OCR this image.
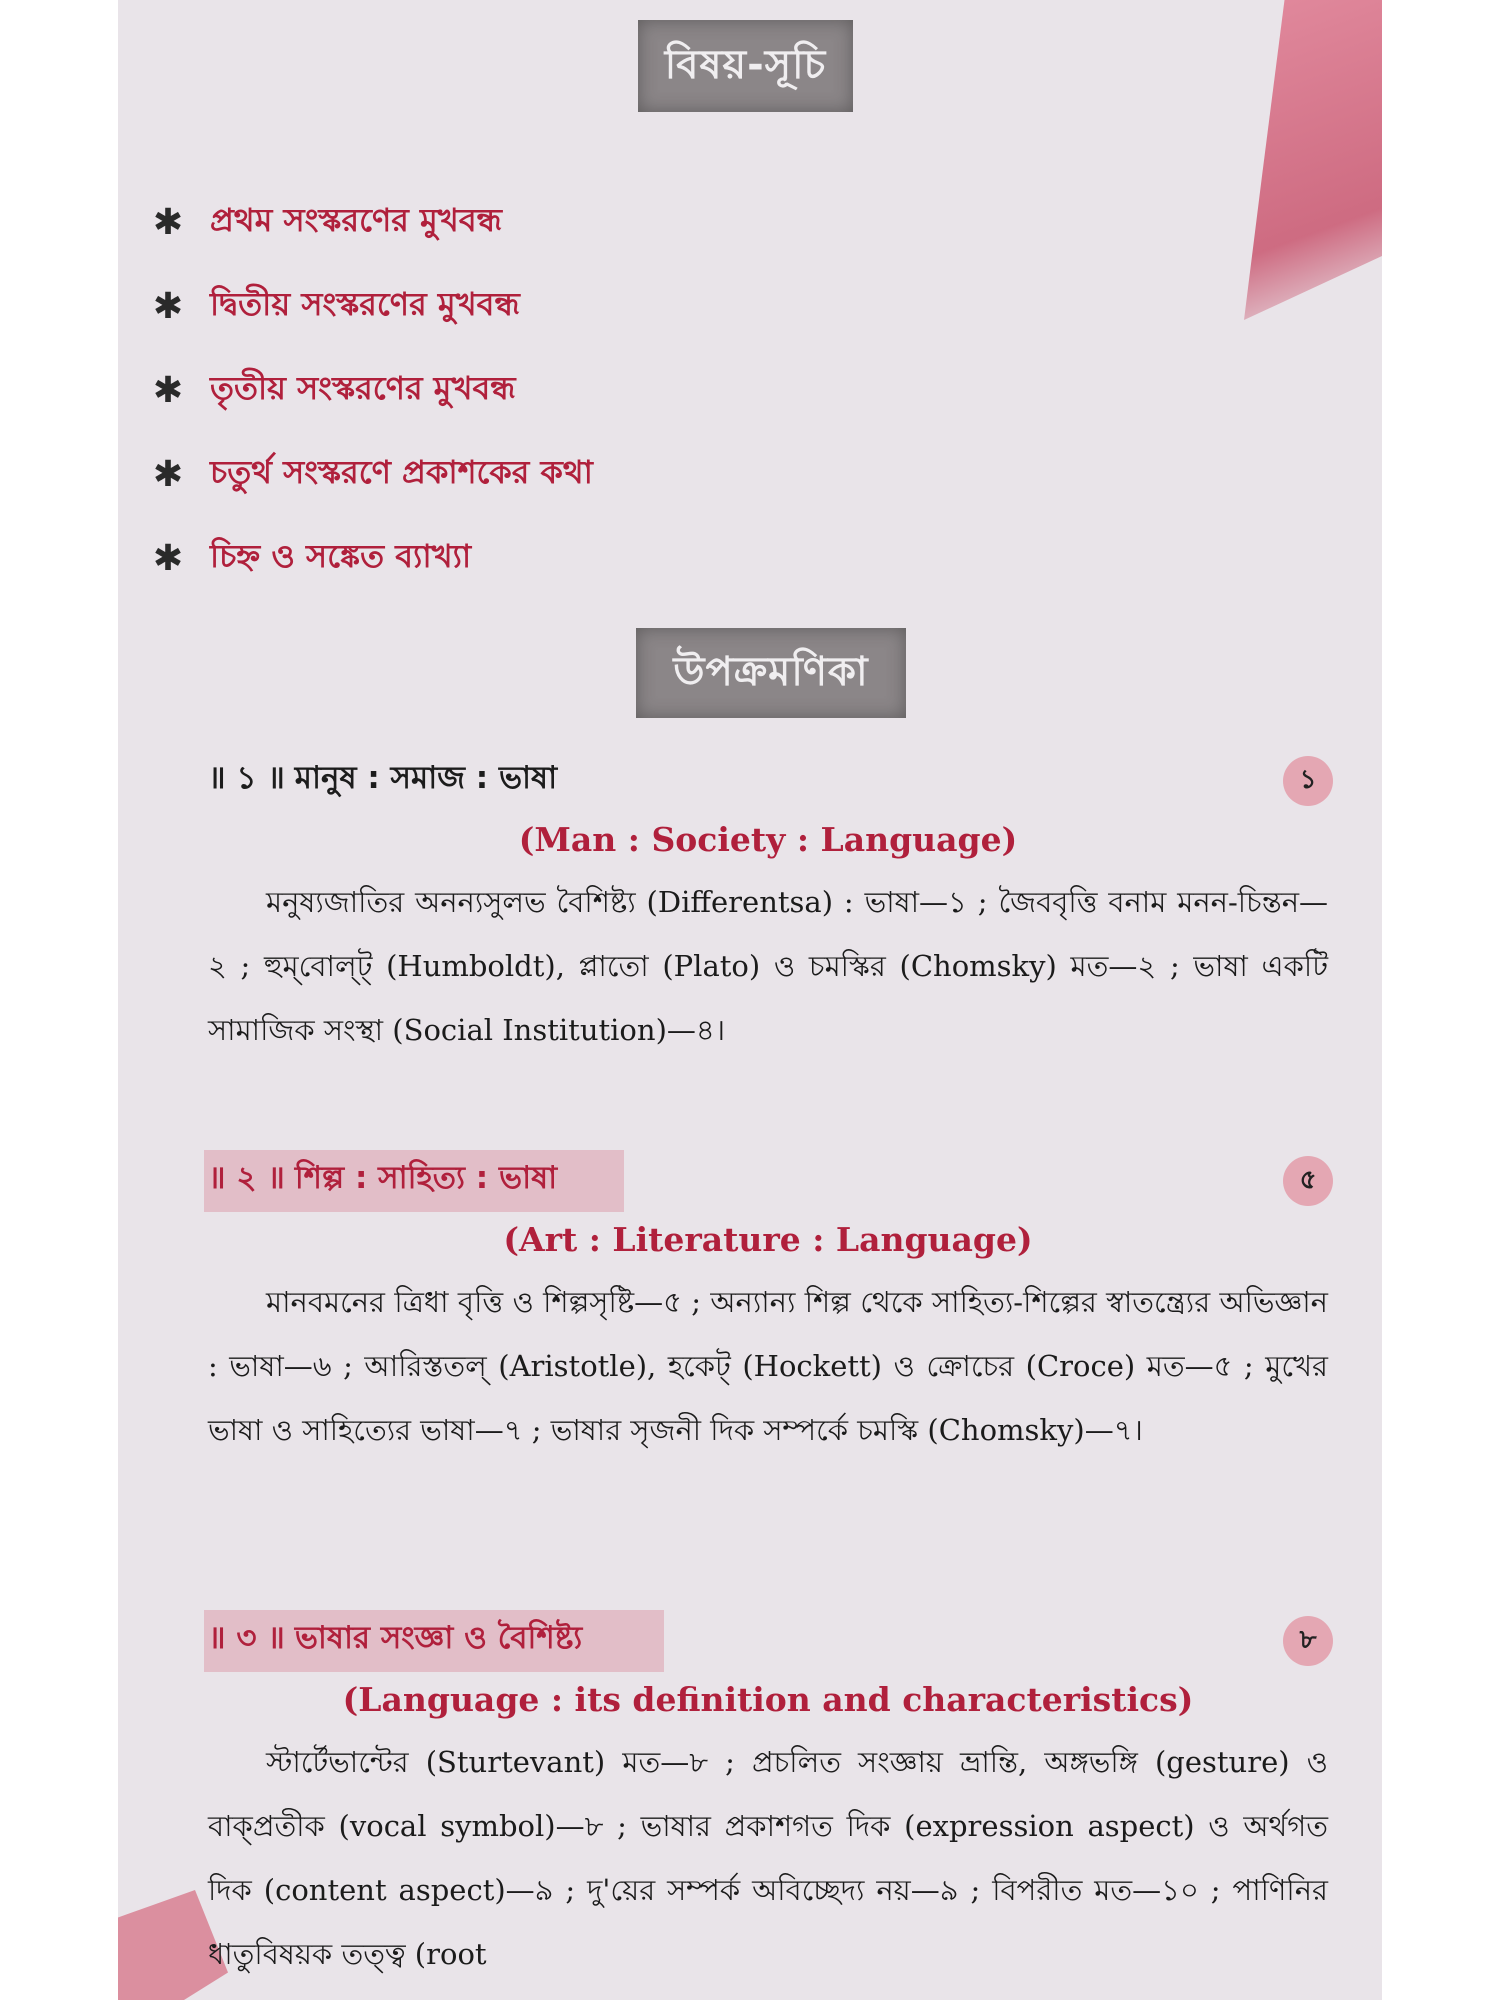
বিষয়-সূচি
✱ প্রথম সংস্করণের মুখবন্ধ
✱ দ্বিতীয় সংস্করণের মুখবন্ধ
✱ তৃতীয় সংস্করণের মুখবন্ধ
✱ চতুর্থ সংস্করণে প্রকাশকের কথা
✱ চিহ্ন ও সঙ্কেত ব্যাখ্যা
উপক্রমণিকা
॥ ১ ॥ মানুষ : সমাজ : ভাষা	১
(Man : Society : Language)

মনুষ্যজাতির অনন্যসুলভ বৈশিষ্ট্য (Differentsa) : ভাষা—১ ; জৈববৃত্তি বনাম মনন-চিন্তন—২ ; হুম্‌বোল্ট্ (Humboldt), প্লাতো (Plato) ও চমস্কির (Chomsky) মত—২ ; ভাষা একটি সামাজিক সংস্থা (Social Institution)—৪।

॥ ২ ॥ শিল্প : সাহিত্য : ভাষা	৫
(Art : Literature : Language)

মানবমনের ত্রিধা বৃত্তি ও শিল্পসৃষ্টি—৫ ; অন্যান্য শিল্প থেকে সাহিত্য-শিল্পের স্বাতন্ত্র্যের অভিজ্ঞান : ভাষা—৬ ; আরিস্ততল্ (Aristotle), হকেট্ (Hockett) ও ক্রোচের (Croce) মত—৫ ; মুখের ভাষা ও সাহিত্যের ভাষা—৭ ; ভাষার সৃজনী দিক সম্পর্কে চমস্কি (Chomsky)—৭।

॥ ৩ ॥ ভাষার সংজ্ঞা ও বৈশিষ্ট্য	৮
(Language : its definition and characteristics)

স্টার্টেভান্টের (Sturtevant) মত—৮ ; প্রচলিত সংজ্ঞায় ভ্রান্তি, অঙ্গভঙ্গি (gesture) ও বাক্‌প্রতীক (vocal symbol)—৮ ; ভাষার প্রকাশগত দিক (expression aspect) ও অর্থগত দিক (content aspect)—৯ ; দু'য়ের সম্পর্ক অবিচ্ছেদ্য নয়—৯ ; বিপরীত মত—১০ ; পাণিনির ধাতুবিষয়ক তত্ত্ব (root
